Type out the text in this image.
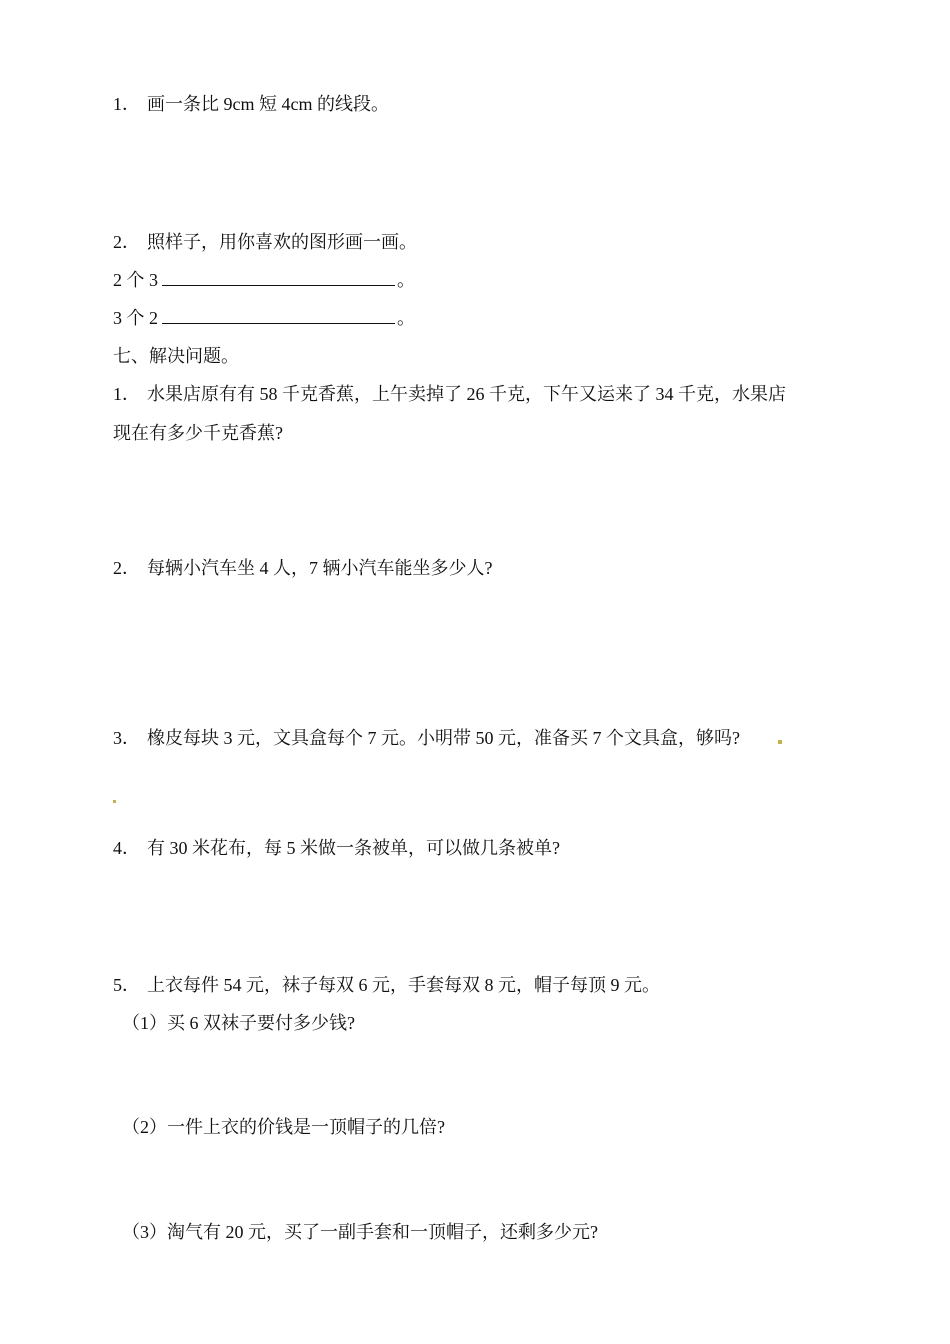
1． 画一条比 9cm 短 4cm 的线段。
2． 照样子，用你喜欢的图形画一画。
2 个 3	。
3 个 2	。
七、解决问题。
1． 水果店原有有 58 千克香蕉，上午卖掉了 26 千克，下午又运来了 34 千克，水果店
现在有多少千克香蕉?
2． 每辆小汽车坐 4 人，7 辆小汽车能坐多少人?
3． 橡皮每块 3 元，文具盒每个 7 元。小明带 50 元，准备买 7 个文具盒，够吗?
4． 有 30 米花布，每 5 米做一条被单，可以做几条被单?
5． 上衣每件 54 元，袜子每双 6 元，手套每双 8 元，帽子每顶 9 元。
（1）买 6 双袜子要付多少钱?
（2）一件上衣的价钱是一顶帽子的几倍?
（3）淘气有 20 元，买了一副手套和一顶帽子，还剩多少元?
